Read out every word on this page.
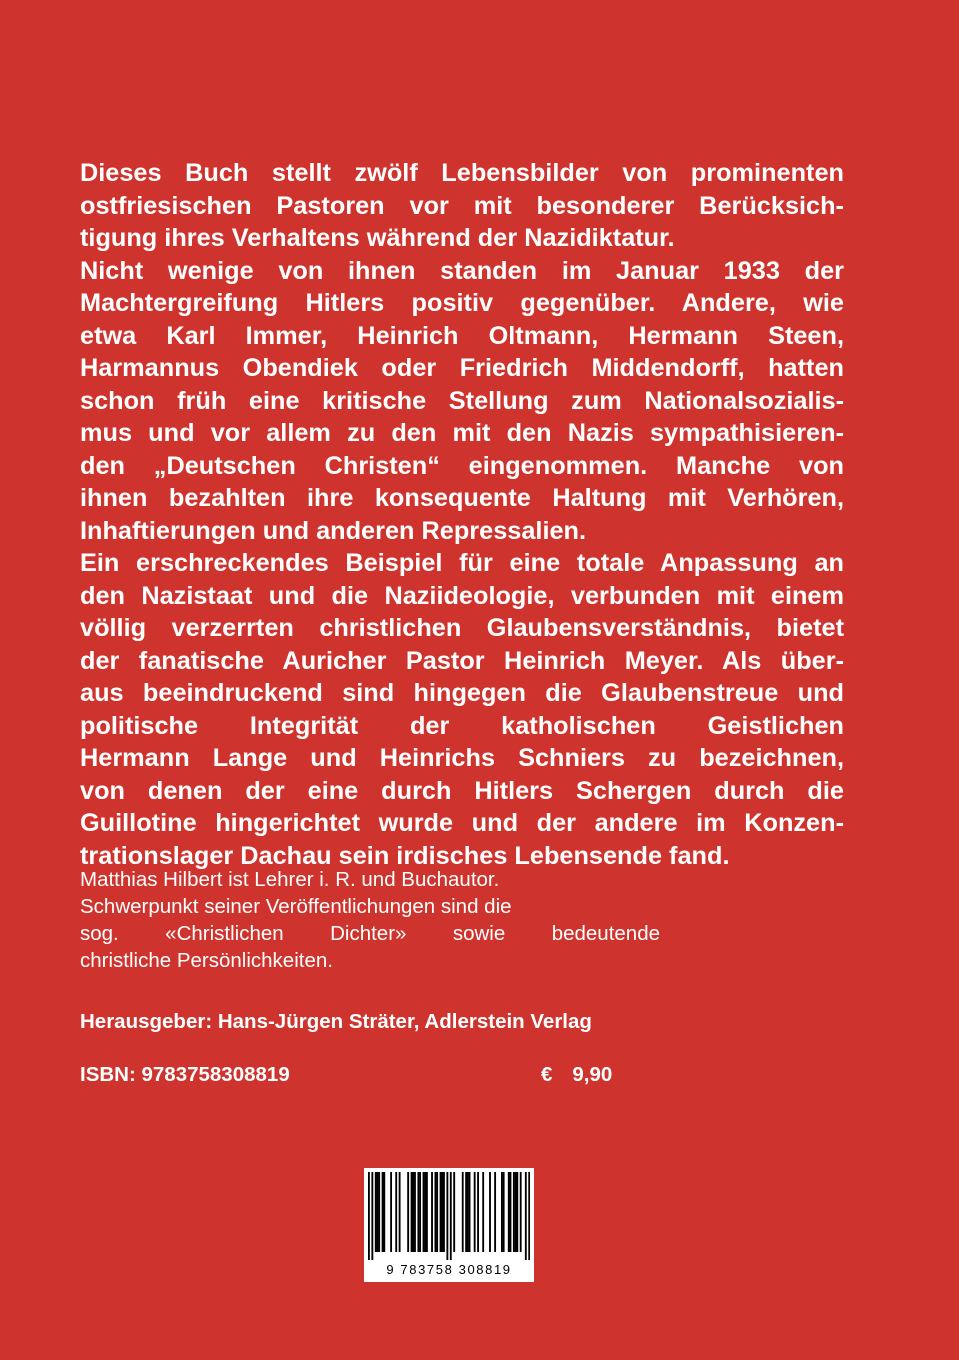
Dieses Buch stellt zwölf Lebensbilder von prominenten
ostfriesischen Pastoren vor mit besonderer Berücksich-
tigung ihres Verhaltens während der Nazidiktatur.
Nicht wenige von ihnen standen im Januar 1933 der
Machtergreifung Hitlers positiv gegenüber. Andere, wie
etwa Karl Immer, Heinrich Oltmann, Hermann Steen,
Harmannus Obendiek oder Friedrich Middendorff, hatten
schon früh eine kritische Stellung zum Nationalsozialis-
mus und vor allem zu den mit den Nazis sympathisieren-
den „Deutschen Christen“ eingenommen. Manche von
ihnen bezahlten ihre konsequente Haltung mit Verhören,
Inhaftierungen und anderen Repressalien.
Ein erschreckendes Beispiel für eine totale Anpassung an
den Nazistaat und die Naziideologie, verbunden mit einem
völlig verzerrten christlichen Glaubensverständnis, bietet
der fanatische Auricher Pastor Heinrich Meyer. Als über-
aus beeindruckend sind hingegen die Glaubenstreue und
politische Integrität der katholischen Geistlichen
Hermann Lange und Heinrichs Schniers zu bezeichnen,
von denen der eine durch Hitlers Schergen durch die
Guillotine hingerichtet wurde und der andere im Konzen-
trationslager Dachau sein irdisches Lebensende fand.
Matthias Hilbert ist Lehrer i. R. und Buchautor.
Schwerpunkt seiner Veröffentlichungen sind die
sog. «Christlichen Dichter» sowie bedeutende
christliche Persönlichkeiten.
Herausgeber: Hans-Jürgen Sträter, Adlerstein Verlag
ISBN: 9783758308819	€ 9,90
9 783758 308819
